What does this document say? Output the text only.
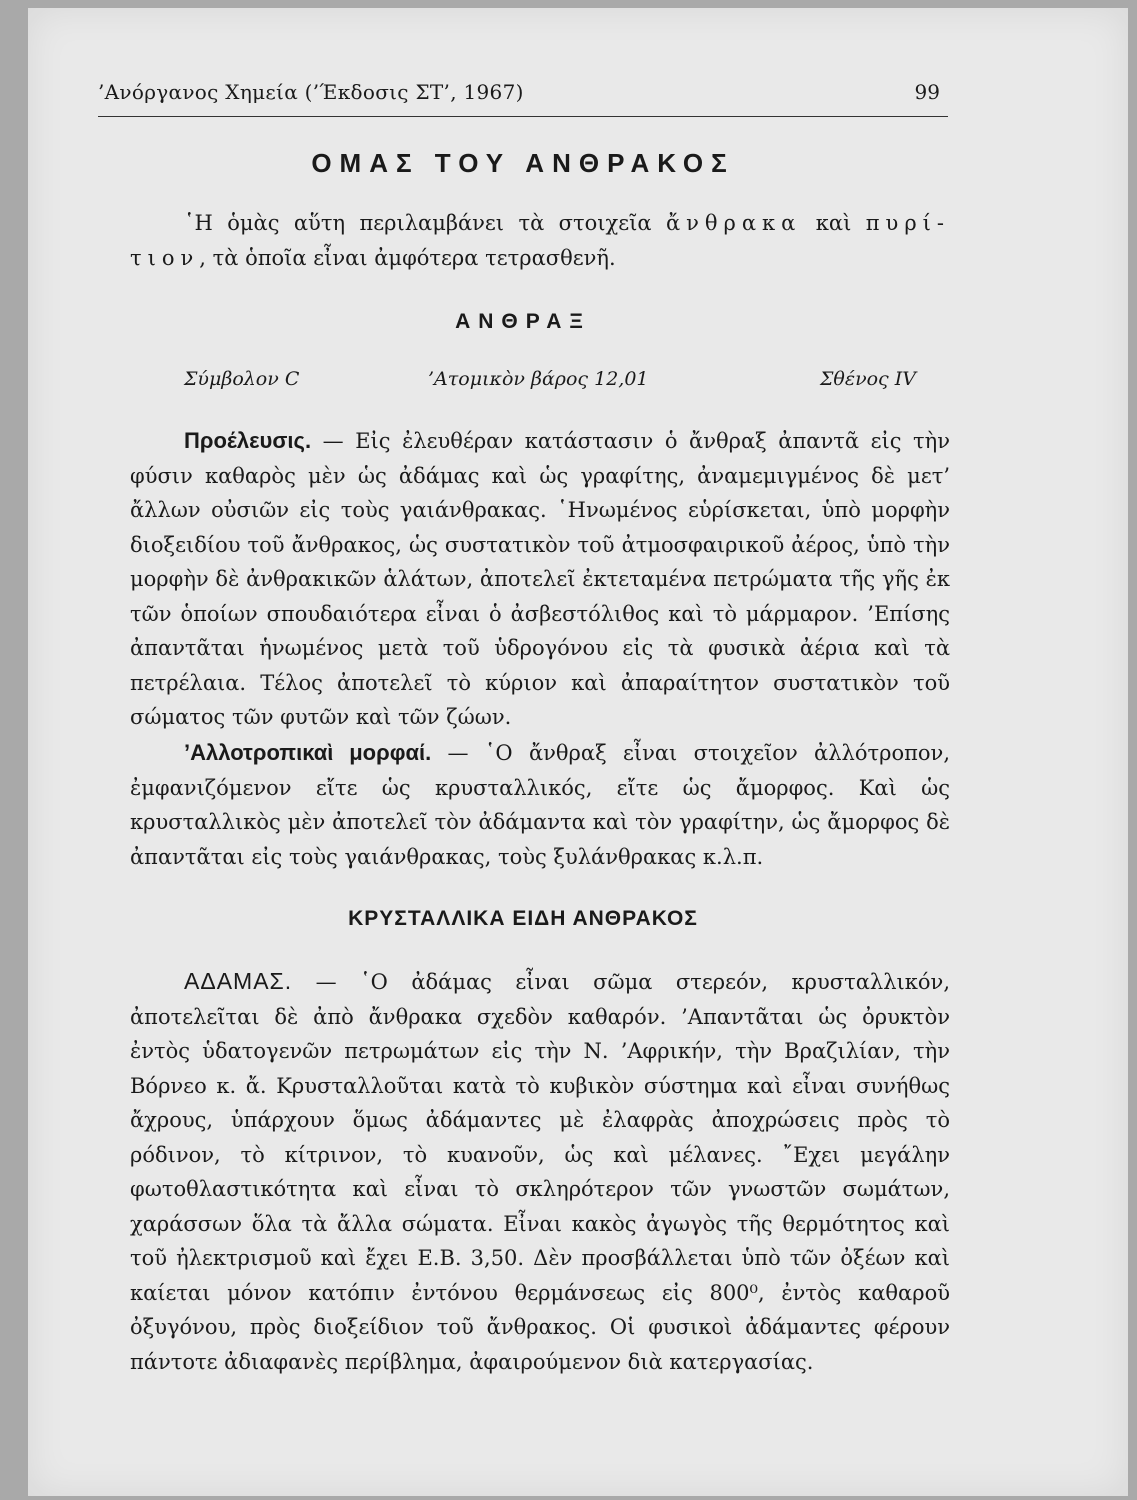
’Ανόργανος Χημεία (’Έκδοσις ΣΤ’, 1967)	99
ΟΜΑΣ ΤΟΥ ΑΝΘΡΑΚΟΣ

῾Η ὁμὰς αὕτη περιλαμβάνει τὰ στοιχεῖα ἄνθρακα καὶ πυρί- τιον, τὰ ὁποῖα εἶναι ἀμφότερα τετρασθενῆ.

ΑΝΘΡΑΞ
Σύμβολον C	’Ατομικὸν βάρος 12,01	Σθένος IV

Προέλευσις. — Εἰς ἐλευθέραν κατάστασιν ὁ ἄνθραξ ἀπαντᾶ εἰς τὴν φύσιν καθαρὸς μὲν ὡς ἀδάμας καὶ ὡς γραφίτης, ἀναμεμιγμένος δὲ μετ’ ἄλλων οὐσιῶν εἰς τοὺς γαιάνθρακας. ῾Ηνωμένος εὑρίσκεται, ὑπὸ μορφὴν διοξειδίου τοῦ ἄνθρακος, ὡς συστατικὸν τοῦ ἀτμοσφαιρικοῦ ἀέρος, ὑπὸ τὴν μορφὴν δὲ ἀνθρακικῶν ἁλάτων, ἀποτελεῖ ἐκτεταμένα πετρώματα τῆς γῆς ἐκ τῶν ὁποίων σπουδαιότερα εἶναι ὁ ἀσβεστόλιθος καὶ τὸ μάρμαρον. ’Επίσης ἀπαντᾶται ἡνωμένος μετὰ τοῦ ὑδρογόνου εἰς τὰ φυσικὰ ἀέρια καὶ τὰ πετρέλαια. Τέλος ἀποτελεῖ τὸ κύριον καὶ ἀπαραίτητον συστατικὸν τοῦ σώματος τῶν φυτῶν καὶ τῶν ζώων.

’Αλλοτροπικαὶ μορφαί. — ῾Ο ἄνθραξ εἶναι στοιχεῖον ἀλλότροπον, ἐμφανιζόμενον εἴτε ὡς κρυσταλλικός, εἴτε ὡς ἄμορφος. Καὶ ὡς κρυσταλλικὸς μὲν ἀποτελεῖ τὸν ἀδάμαντα καὶ τὸν γραφίτην, ὡς ἄμορφος δὲ ἀπαντᾶται εἰς τοὺς γαιάνθρακας, τοὺς ξυλάνθρακας κ.λ.π.

ΚΡΥΣΤΑΛΛΙΚΑ ΕΙΔΗ ΑΝΘΡΑΚΟΣ

ΑΔΑΜΑΣ. — ῾Ο ἀδάμας εἶναι σῶμα στερεόν, κρυσταλλικόν, ἀποτελεῖται δὲ ἀπὸ ἄνθρακα σχεδὸν καθαρόν. ’Απαντᾶται ὡς ὀρυκτὸν ἐντὸς ὑδατογενῶν πετρωμάτων εἰς τὴν Ν. ’Αφρικήν, τὴν Βραζιλίαν, τὴν Βόρνεο κ. ἄ. Κρυσταλλοῦται κατὰ τὸ κυβικὸν σύστημα καὶ εἶναι συνήθως ἄχρους, ὑπάρχουν ὅμως ἀδάμαντες μὲ ἐλαφρὰς ἀποχρώσεις πρὸς τὸ ρόδινον, τὸ κίτρινον, τὸ κυανοῦν, ὡς καὶ μέλανες. ῎Εχει μεγάλην φωτοθλαστικότητα καὶ εἶναι τὸ σκληρότερον τῶν γνωστῶν σωμάτων, χαράσσων ὅλα τὰ ἄλλα σώματα. Εἶναι κακὸς ἀγωγὸς τῆς θερμότητος καὶ τοῦ ἠλεκτρισμοῦ καὶ ἔχει Ε.Β. 3,50. Δὲν προσβάλλεται ὑπὸ τῶν ὀξέων καὶ καίεται μόνον κατόπιν ἐντόνου θερμάνσεως εἰς 800⁰, ἐντὸς καθαροῦ ὀξυγόνου, πρὸς διοξείδιον τοῦ ἄνθρακος. Οἱ φυσικοὶ ἀδάμαντες φέρουν πάντοτε ἀδιαφανὲς περίβλημα, ἀφαιρούμενον διὰ κατεργασίας.
